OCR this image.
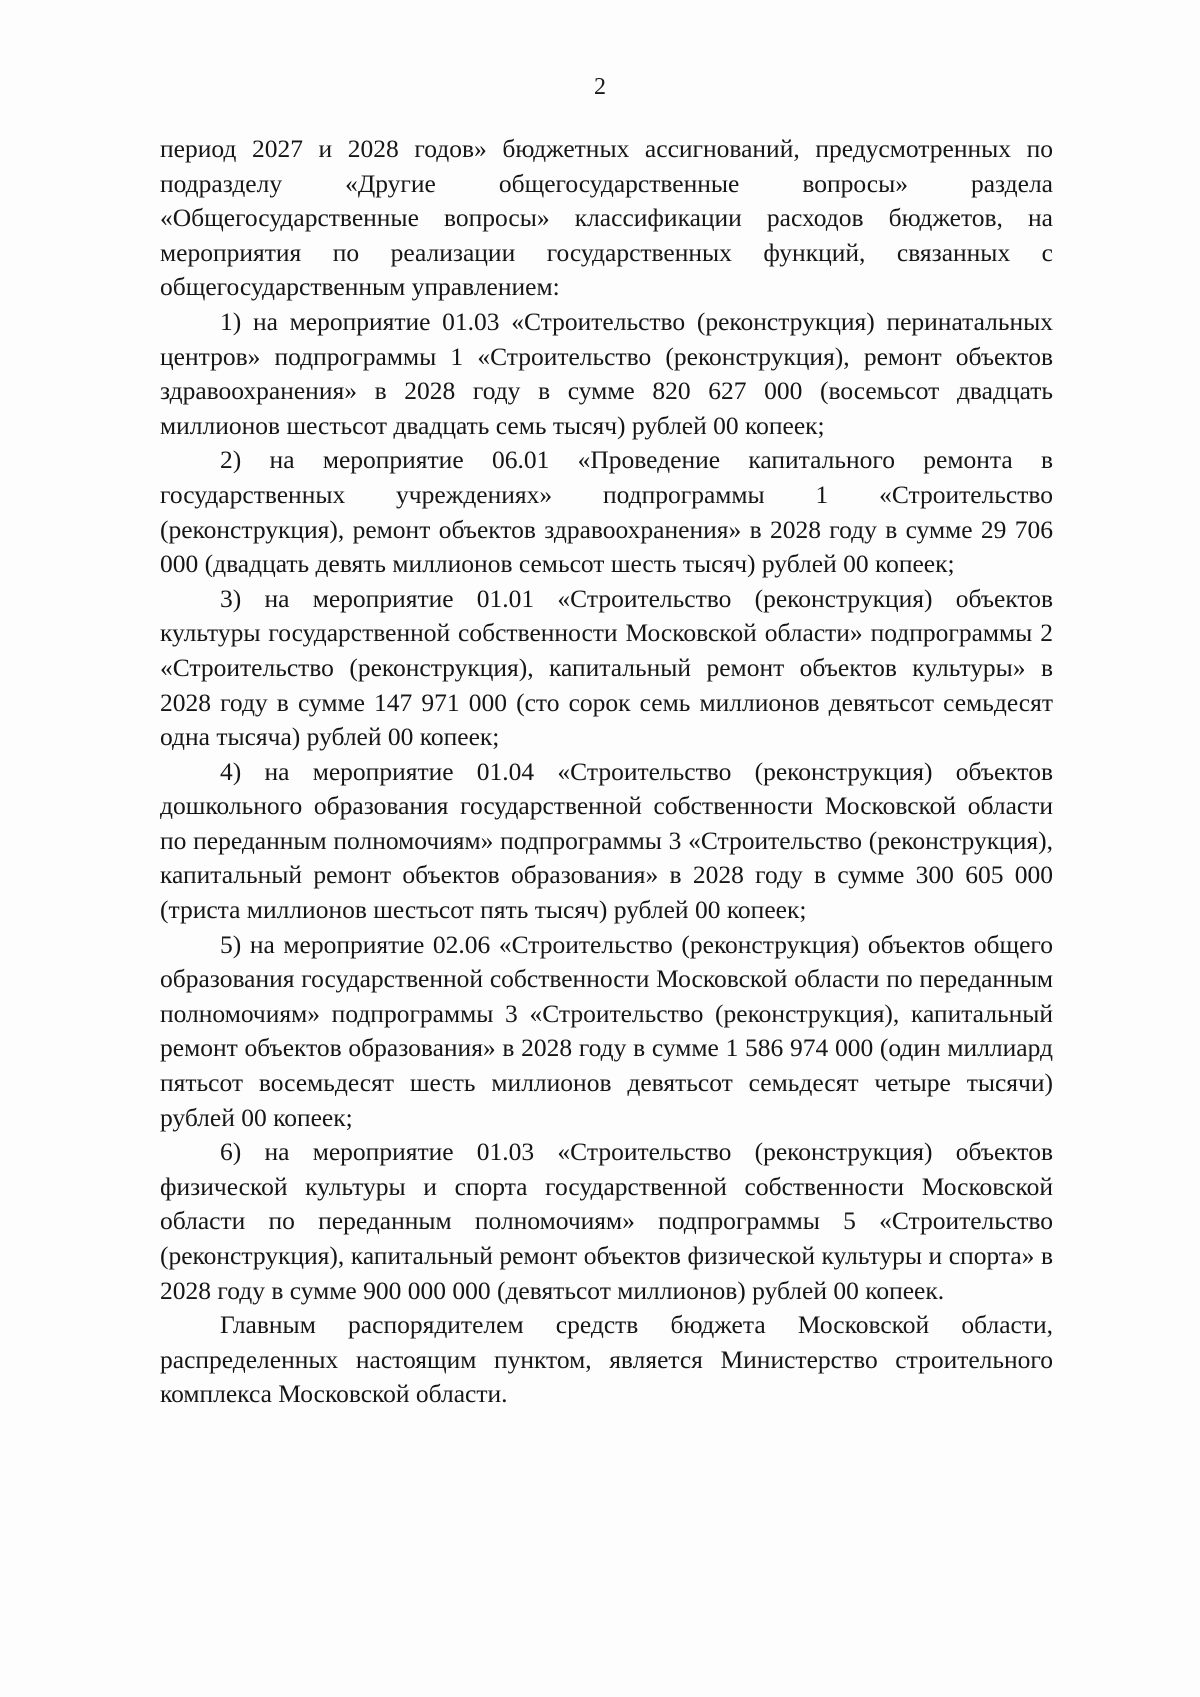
2

период 2027 и 2028 годов» бюджетных ассигнований, предусмотренных по подразделу «Другие общегосударственные вопросы» раздела «Общегосударственные вопросы» классификации расходов бюджетов, на мероприятия по реализации государственных функций, связанных с общегосударственным управлением:

1) на мероприятие 01.03 «Строительство (реконструкция) перинатальных центров» подпрограммы 1 «Строительство (реконструкция), ремонт объектов здравоохранения» в 2028 году в сумме 820 627 000 (восемьсот двадцать миллионов шестьсот двадцать семь тысяч) рублей 00 копеек;

2) на мероприятие 06.01 «Проведение капитального ремонта в государственных учреждениях» подпрограммы 1 «Строительство (реконструкция), ремонт объектов здравоохранения» в 2028 году в сумме 29 706 000 (двадцать девять миллионов семьсот шесть тысяч) рублей 00 копеек;

3) на мероприятие 01.01 «Строительство (реконструкция) объектов культуры государственной собственности Московской области» подпрограммы 2 «Строительство (реконструкция), капитальный ремонт объектов культуры» в 2028 году в сумме 147 971 000 (сто сорок семь миллионов девятьсот семьдесят одна тысяча) рублей 00 копеек;

4) на мероприятие 01.04 «Строительство (реконструкция) объектов дошкольного образования государственной собственности Московской области по переданным полномочиям» подпрограммы 3 «Строительство (реконструкция), капитальный ремонт объектов образования» в 2028 году в сумме 300 605 000 (триста миллионов шестьсот пять тысяч) рублей 00 копеек;

5) на мероприятие 02.06 «Строительство (реконструкция) объектов общего образования государственной собственности Московской области по переданным полномочиям» подпрограммы 3 «Строительство (реконструкция), капитальный ремонт объектов образования» в 2028 году в сумме 1 586 974 000 (один миллиард пятьсот восемьдесят шесть миллионов девятьсот семьдесят четыре тысячи) рублей 00 копеек;

6) на мероприятие 01.03 «Строительство (реконструкция) объектов физической культуры и спорта государственной собственности Московской области по переданным полномочиям» подпрограммы 5 «Строительство (реконструкция), капитальный ремонт объектов физической культуры и спорта» в 2028 году в сумме 900 000 000 (девятьсот миллионов) рублей 00 копеек.

Главным распорядителем средств бюджета Московской области, распределенных настоящим пунктом, является Министерство строительного комплекса Московской области.
